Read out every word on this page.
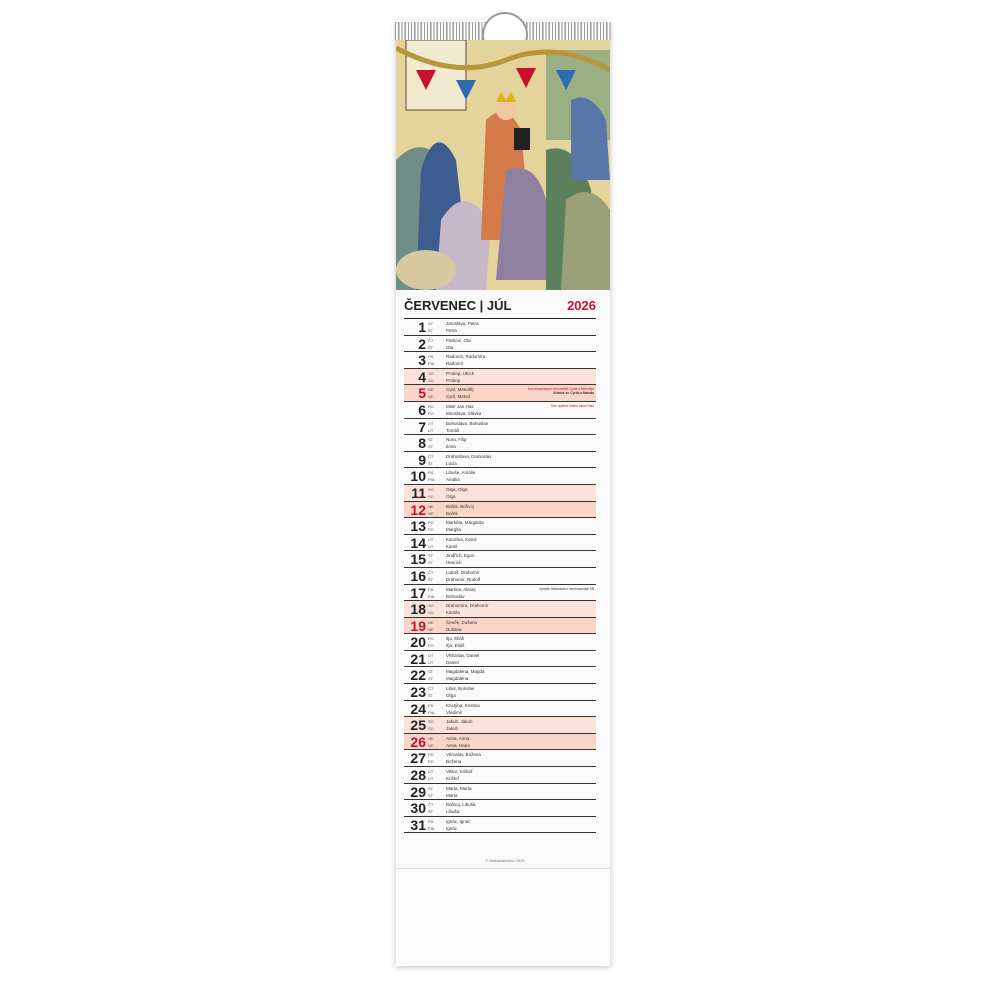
ČERVENEC | JÚL	2026
1 ST
ST
Jaroslava, Petra
Petra
2 ČT
ŠT
Patricie, Ota
Ota
3 PÁ
PIA
Radomír, Radomíra
Radomír
4 SO
SO
Prokop, Ulrich
Prokop
5 NE
NE
Cyril, Metoděj
Cyril, Metod
Den slovanských věrozvěstů Cyrila a Metoděje
Sviatok sv. Cyrila a Metoda
6 PO
PO
Mistr Jan Hus
Miroslava, Slávka
Den upálení mistra Jana Husa
7 ÚT
UT
Bohuslava, Bohuslav
Tomáš
8 ST
ST
Nora, Filip
Ilona
9 ČT
ŠT
Drahoslava, Drahoslav
Lucia
10 PÁ
PIA
Libuše, Amálie
Amália
11 SO
SO
Olga, Olga
Olga
12 NE
NE
Bořek, Bořivoj
Bořek
13 PO
PO
Markéta, Margarita
Margita
14 ÚT
UT
Karolína, Kamil
Kamil
15 ST
ST
Jindřich, Egon
Henrich
16 ČT
ŠT
Luboš, Drahomír
Drahomír, Rudolf
17 PÁ
PIA
Martina, Alexej
Bohuslav
Výročie Deklarácie o zvrchovanosti SR
18 SO
SO
Drahomíra, Drahomír
Kamila
19 NE
NE
Čeněk, Dušana
Dušana
20 PO
PO
Ilja, Eliáš
Iľja, Eliáš
21 ÚT
UT
Vítězslav, Daniel
Daniel
22 ST
ST
Magdaléna, Magda
Magdaléna
23 ČT
ŠT
Libor, Borislav
Oľga
24 PÁ
PIA
Kristýna, Kristina
Vladimír
25 SO
SO
Jakub, Jakub
Jakub
26 NE
NE
Anna, Anna
Anna, Hana
27 PO
PO
Věroslav, Božena
Božena
28 ÚT
UT
Viktor, Krištof
Krištof
29 ST
ST
Marta, Marta
Marta
30 ČT
ŠT
Bořivoj, Libuša
Libuša
31 PÁ
PIA
Ignác, Ignác
Ignác
© Nakladatelství 2025
